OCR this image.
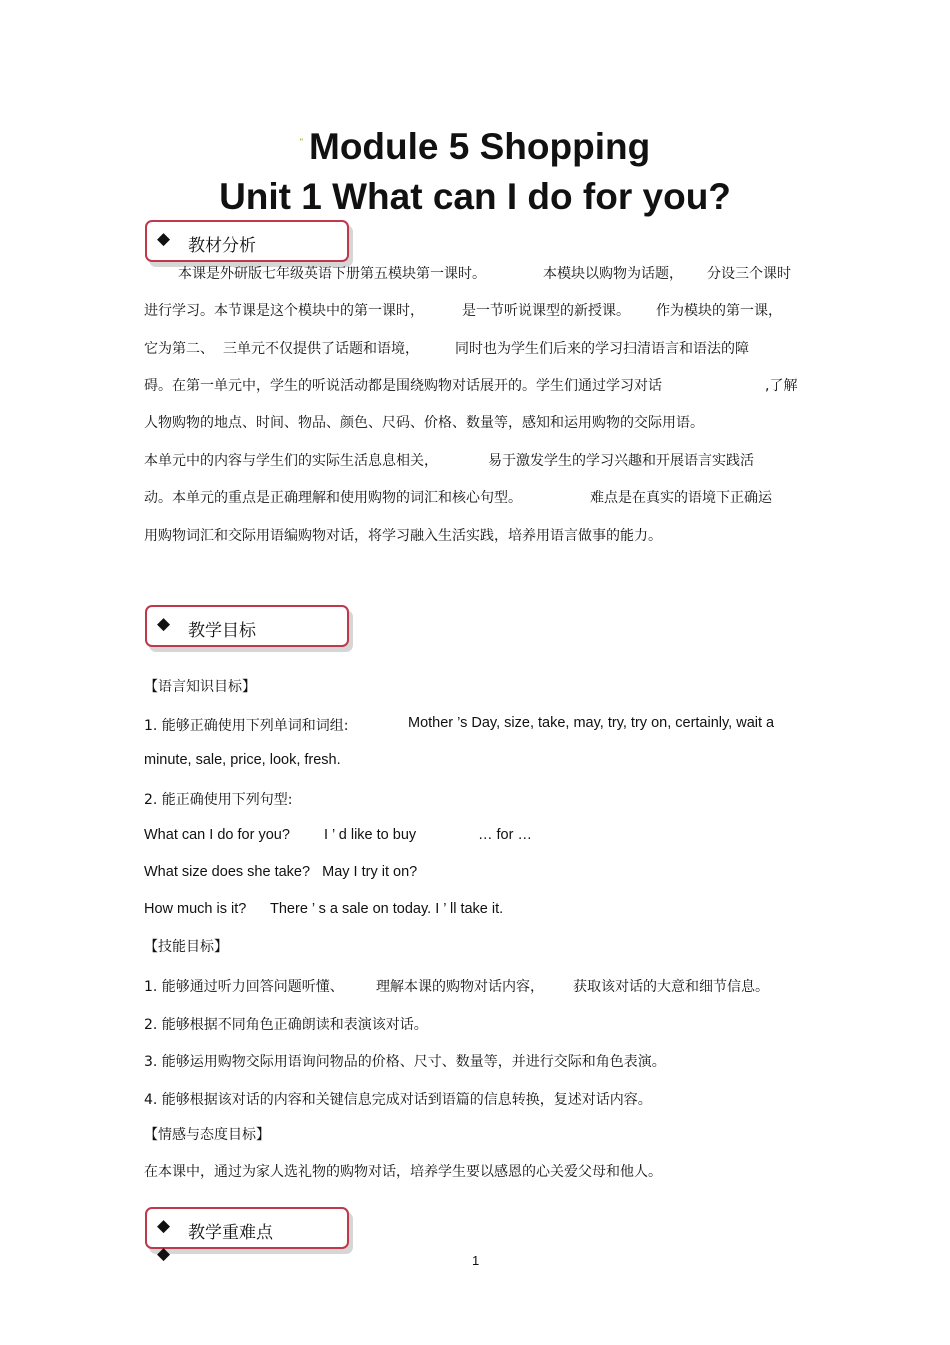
" Module 5 Shopping
Unit 1 What can I do for you?
◆ 教材分析
本课是外研版七年级英语下册第五模块第一课时。	本模块以购物为话题， 分设三个课时
进行学习。本节课是这个模块中的第一课时，	是一节听说课型的新授课。 作为模块的第一课，
它为第二、 三单元不仅提供了话题和语境，	同时也为学生们后来的学习扫清语言和语法的障
碍。在第一单元中，学生的听说活动都是围绕购物对话展开的。学生们通过学习对话	,了解
人物购物的地点、时间、物品、颜色、尺码、价格、数量等，感知和运用购物的交际用语。
本单元中的内容与学生们的实际生活息息相关，	易于激发学生的学习兴趣和开展语言实践活
动。本单元的重点是正确理解和使用购物的词汇和核心句型。	难点是在真实的语境下正确运
用购物词汇和交际用语编购物对话，将学习融入生活实践，培养用语言做事的能力。
◆ 教学目标
【语言知识目标】
1. 能够正确使用下列单词和词组:	Mother ’s Day, size, take, may, try, try on, certainly, wait a
minute, sale, price, look, fresh.
2. 能正确使用下列句型:
What can I do for you? I ’ d like to buy	… for …
What size does she take?   May I try it on?
How much is it? There ’ s a sale on today. I ’ ll take it.
【技能目标】
1. 能够通过听力回答问题听懂、 理解本课的购物对话内容， 获取该对话的大意和细节信息。
2. 能够根据不同角色正确朗读和表演该对话。
3. 能够运用购物交际用语询问物品的价格、尺寸、数量等，并进行交际和角色表演。
4. 能够根据该对话的内容和关键信息完成对话到语篇的信息转换，复述对话内容。
【情感与态度目标】
在本课中，通过为家人选礼物的购物对话，培养学生要以感恩的心关爱父母和他人。
◆ 教学重难点
◆	1
